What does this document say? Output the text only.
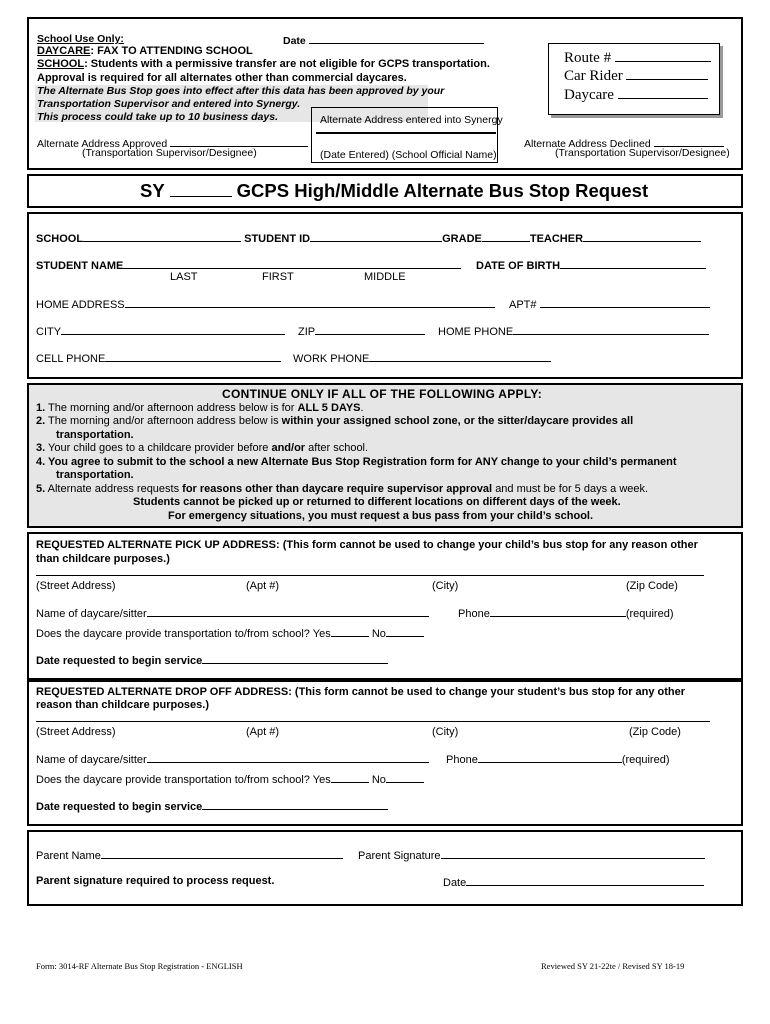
School Use Only:	Date
DAYCARE: FAX TO ATTENDING SCHOOL
SCHOOL: Students with a permissive transfer are not eligible for GCPS transportation.
Approval is required for all alternates other than commercial daycares.
The Alternate Bus Stop goes into effect after this data has been approved by your
Transportation Supervisor and entered into Synergy.
This process could take up to 10 business days.	Alternate Address entered into Synergy
(Date Entered) (School Official Name)
Alternate Address Approved
(Transportation Supervisor/Designee)
Alternate Address Declined
(Transportation Supervisor/Designee)
Route #
Car Rider
Daycare
SY	GCPS High/Middle Alternate Bus Stop Request
SCHOOL	STUDENT ID	GRADE	TEACHER
STUDENT NAME	DATE OF BIRTH
LAST	FIRST	MIDDLE
HOME ADDRESS	APT#
CITY	ZIP	HOME PHONE
CELL PHONE	WORK PHONE
CONTINUE ONLY IF ALL OF THE FOLLOWING APPLY:
1. The morning and/or afternoon address below is for ALL 5 DAYS.
2. The morning and/or afternoon address below is within your assigned school zone, or the sitter/daycare provides all
transportation.
3. Your child goes to a childcare provider before and/or after school.
4. You agree to submit to the school a new Alternate Bus Stop Registration form for ANY change to your child’s permanent
transportation.
5. Alternate address requests for reasons other than daycare require supervisor approval and must be for 5 days a week.
Students cannot be picked up or returned to different locations on different days of the week.
For emergency situations, you must request a bus pass from your child’s school.
REQUESTED ALTERNATE PICK UP ADDRESS: (This form cannot be used to change your child’s bus stop for any reason other
than childcare purposes.)
(Street Address)	(Apt #)	(City)	(Zip Code)
Name of daycare/sitter	Phone	(required)
Does the daycare provide transportation to/from school? Yes	No
Date requested to begin service
REQUESTED ALTERNATE DROP OFF ADDRESS: (This form cannot be used to change your student’s bus stop for any other
reason than childcare purposes.)
(Street Address)	(Apt #)	(City)	(Zip Code)
Name of daycare/sitter	Phone	(required)
Does the daycare provide transportation to/from school? Yes	No
Date requested to begin service
Parent Name	Parent Signature
Parent signature required to process request.	Date
Form: 3014-RF Alternate Bus Stop Registration - ENGLISH	Reviewed SY 21-22te / Revised SY 18-19
